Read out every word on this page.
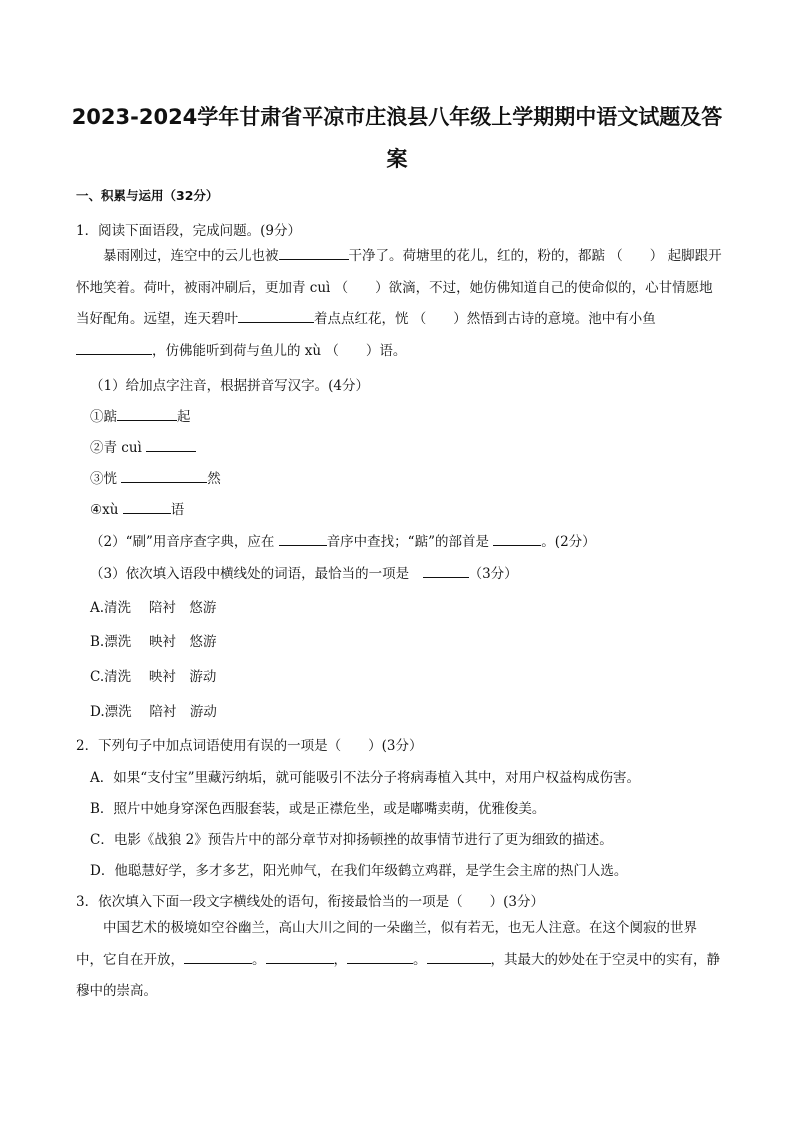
2023-2024学年甘肃省平凉市庄浪县八年级上学期期中语文试题及答
案
一、积累与运用（32分）
1．阅读下面语段，完成问题。(9分）

暴雨刚过，连空中的云儿也被	干净了。荷塘里的花儿，红的，粉的，都踮 （　　） 起脚跟开怀地笑着。荷叶，被雨冲刷后，更加青 cuì （　　）欲滴，不过，她仿佛知道自己的使命似的，心甘情愿地当好配角。远望，连天碧叶	着点点红花，恍 （　　）然悟到古诗的意境。池中有小鱼，仿佛能听到荷与鱼儿的 xù （　　）语。

（1）给加点字注音，根据拼音写汉字。(4分）
①踮	起
②青 cuì
③恍	然
④xù	语
（2）“刷”用音序查字典，应在	音序中查找；“踮”的部首是	。(2分）
（3）依次填入语段中横线处的词语，最恰当的一项是　	（3分）
A.清洗　 陪衬　悠游
B.漂洗　 映衬　悠游
C.清洗　 映衬　游动
D.漂洗　 陪衬　游动
2．下列句子中加点词语使用有误的一项是（　　）(3分）
A．如果“支付宝”里藏污纳垢，就可能吸引不法分子将病毒植入其中，对用户权益构成伤害。
B．照片中她身穿深色西服套装，或是正襟危坐，或是嘟嘴卖萌，优雅俊美。
C．电影《战狼 2》预告片中的部分章节对抑扬顿挫的故事情节进行了更为细致的描述。
D．他聪慧好学，多才多艺，阳光帅气，在我们年级鹤立鸡群，是学生会主席的热门人选。
3．依次填入下面一段文字横线处的语句，衔接最恰当的一项是（　　）(3分）

中国艺术的极境如空谷幽兰，高山大川之间的一朵幽兰，似有若无，也无人注意。在这个阒寂的世界中，它自在开放，	。	，	。	，其最大的妙处在于空灵中的实有，静穆中的崇高。
